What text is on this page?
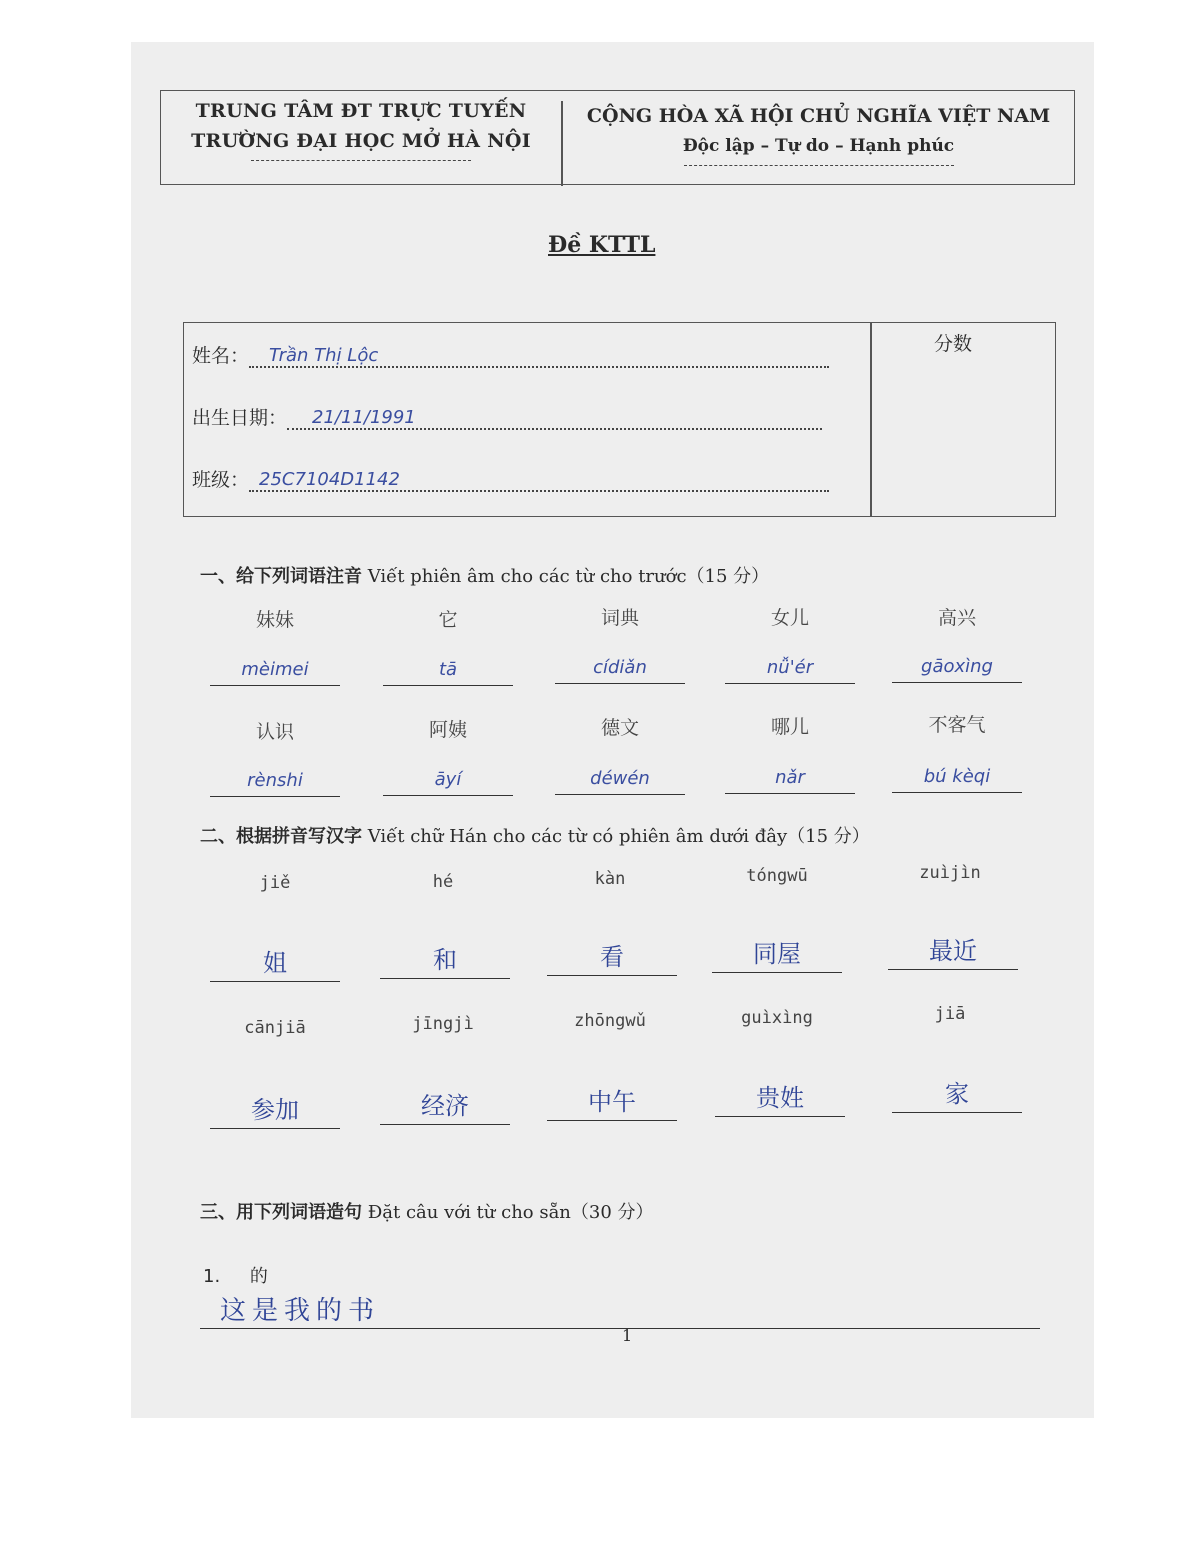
TRUNG TÂM ĐT TRỰC TUYẾN
TRƯỜNG ĐẠI HỌC MỞ HÀ NỘI
CỘNG HÒA XÃ HỘI CHỦ NGHĨA VIỆT NAM
Độc lập – Tự do – Hạnh phúc
Đề KTTL
姓名： Trần Thị Lộc
出生日期： 21/11/1991
班级： 25C7104D1142
分数
一、给下列词语注音 Viết phiên âm cho các từ cho trước（15 分）
妹妹	它	词典	女儿	高兴
mèimei	tā	cídiǎn	nǚ'ér	gāoxìng
认识	阿姨	德文	哪儿	不客气
rènshi	āyí	déwén	nǎr	bú kèqi
二、根据拼音写汉字 Viết chữ Hán cho các từ có phiên âm dưới đây（15 分）
jiě	hé	kàn	tóngwū	zuìjìn
姐	和	看	同屋	最近
cānjiā	jīngjì	zhōngwǔ	guìxìng	jiā
参加	经济	中午	贵姓	家
三、用下列词语造句 Đặt câu với từ cho sẵn（30 分）
1. 的
这是我的书
1
